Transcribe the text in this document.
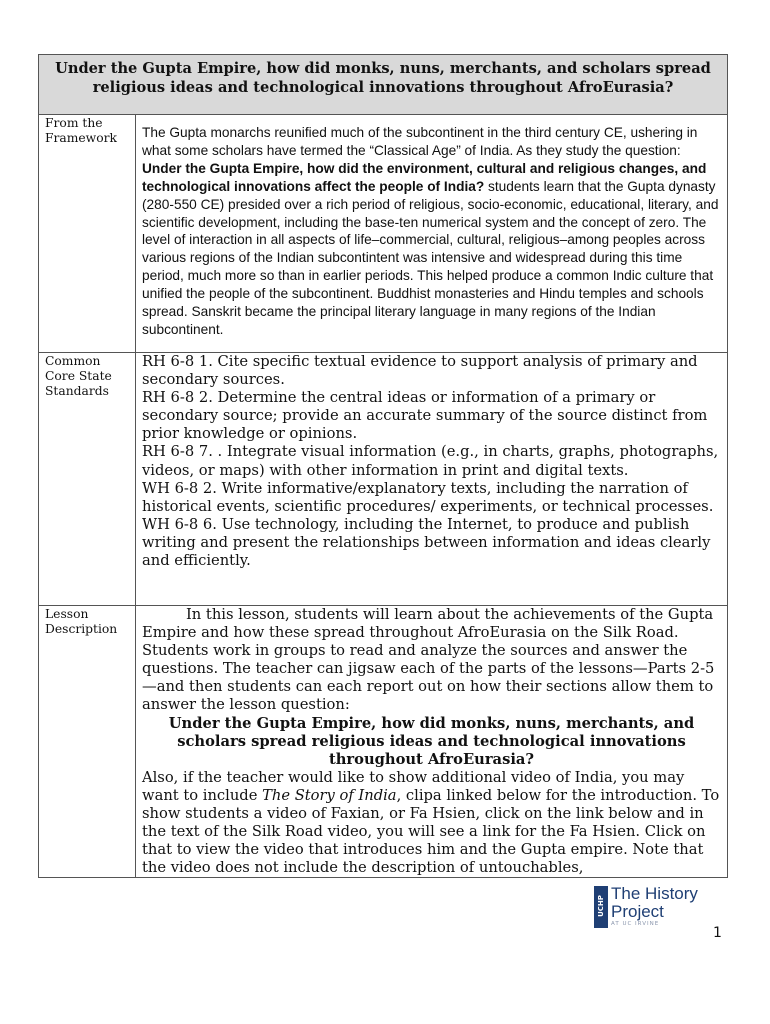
Under the Gupta Empire, how did monks, nuns, merchants, and scholars spread religious ideas and technological innovations throughout AfroEurasia?	
From the Framework	The Gupta monarchs reunified much of the subcontinent in the third century CE, ushering in what some scholars have termed the “Classical Age” of India. As they study the question: Under the Gupta Empire, how did the environment, cultural and religious changes, and technological innovations affect the people of India? students learn that the Gupta dynasty (280-550 CE) presided over a rich period of religious, socio-economic, educational, literary, and scientific development, including the base-ten numerical system and the concept of zero. The level of interaction in all aspects of life–commercial, cultural, religious–among peoples across various regions of the Indian subcontintent was intensive and widespread during this time period, much more so than in earlier periods. This helped produce a common Indic culture that unified the people of the subcontinent. Buddhist monasteries and Hindu temples and schools spread. Sanskrit became the principal literary language in many regions of the Indian subcontinent.

Common Core State Standards	RH 6-8 1. Cite specific textual evidence to support analysis of primary and secondary sources.

RH 6-8 2. Determine the central ideas or information of a primary or secondary source; provide an accurate summary of the source distinct from prior knowledge or opinions.

RH 6-8 7. . Integrate visual information (e.g., in charts, graphs, photographs, videos, or maps) with other information in print and digital texts.

WH 6-8 2. Write informative/explanatory texts, including the narration of historical events, scientific procedures/ experiments, or technical processes.

WH 6-8 6. Use technology, including the Internet, to produce and publish writing and present the relationships between information and ideas clearly and efficiently.

Lesson Description	In this lesson, students will learn about the achievements of the Gupta Empire and how these spread throughout AfroEurasia on the Silk Road. Students work in groups to read and analyze the sources and answer the questions. The teacher can jigsaw each of the parts of the lessons—Parts 2-5—and then students can each report out on how their sections allow them to answer the lesson question:

Under the Gupta Empire, how did monks, nuns, merchants, and scholars spread religious ideas and technological innovations throughout AfroEurasia?

Also, if the teacher would like to show additional video of India, you may want to include The Story of India, clipa linked below for the introduction. To show students a video of Faxian, or Fa Hsien, click on the link below and in the text of the Silk Road video, you will see a link for the Fa Hsien. Click on that to view the video that introduces him and the Gupta empire. Note that the video does not include the description of untouchables,

UCHP
The History
Project
AT UC IRVINE
1
